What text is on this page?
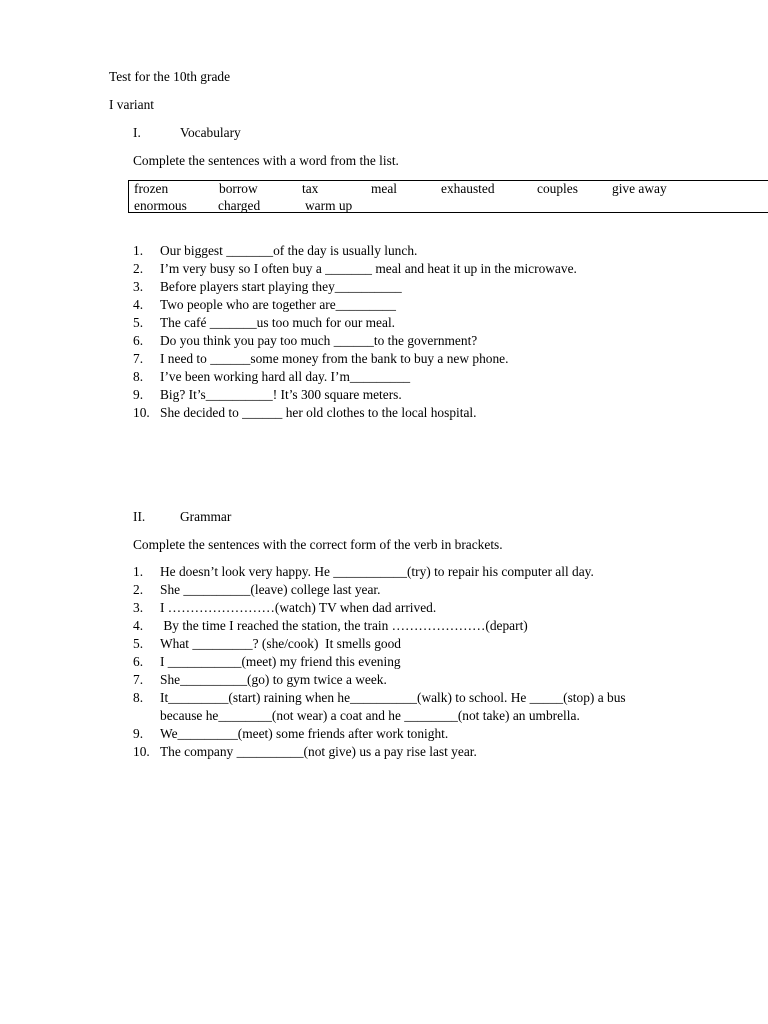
Test for the 10th grade
I variant
I.	Vocabulary
Complete the sentences with a word from the list.
frozen	borrow	tax	meal	exhausted	couples	give away
enormous charged	warm up
1. Our biggest _______of the day is usually lunch.
2. I’m very busy so I often buy a _______ meal and heat it up in the microwave.
3. Before players start playing they__________
4. Two people who are together are_________
5. The café _______us too much for our meal.
6. Do you think you pay too much ______to the government?
7. I need to ______some money from the bank to buy a new phone.
8. I’ve been working hard all day. I’m_________
9. Big? It’s__________! It’s 300 square meters.
10. She decided to ______ her old clothes to the local hospital.
II.	Grammar
Complete the sentences with the correct form of the verb in brackets.
1. He doesn’t look very happy. He ___________(try) to repair his computer all day.
2. She __________(leave) college last year.
3. I ……………………(watch) TV when dad arrived.
4. By the time I reached the station, the train …………………(depart)
5. What _________? (she/cook)  It smells good
6. I ___________(meet) my friend this evening
7. She__________(go) to gym twice a week.
8. It_________(start) raining when he__________(walk) to school. He _____(stop) a bus
because he________(not wear) a coat and he ________(not take) an umbrella.
9. We_________(meet) some friends after work tonight.
10. The company __________(not give) us a pay rise last year.
